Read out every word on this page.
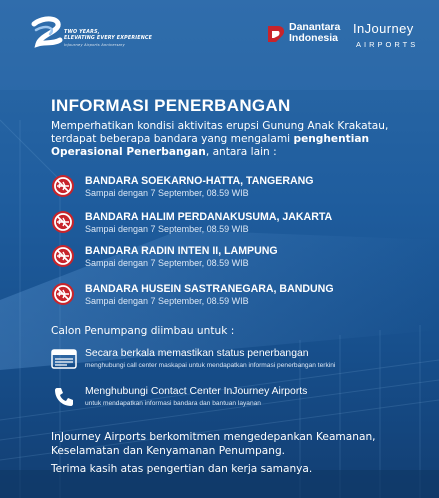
TWO YEARS,
ELEVATING EVERY EXPERIENCE
InJourney Airports Anniversary
Danantara
Indonesia
InJourney
AIRPORTS
INFORMASI PENERBANGAN
Memperhatikan kondisi aktivitas erupsi Gunung Anak Krakatau, terdapat beberapa bandara yang mengalami penghentian Operasional Penerbangan, antara lain :
BANDARA SOEKARNO-HATTA, TANGERANG
Sampai dengan 7 September, 08.59 WIB
BANDARA HALIM PERDANAKUSUMA, JAKARTA
Sampai dengan 7 September, 08.59 WIB
BANDARA RADIN INTEN II, LAMPUNG
Sampai dengan 7 September, 08.59 WIB
BANDARA HUSEIN SASTRANEGARA, BANDUNG
Sampai dengan 7 September, 08.59 WIB
Calon Penumpang diimbau untuk :
Secara berkala memastikan status penerbangan
menghubungi call center maskapai untuk mendapatkan informasi penerbangan terkini
Menghubungi Contact Center InJourney Airports
untuk mendapatkan informasi bandara dan bantuan layanan
InJourney Airports berkomitmen mengedepankan Keamanan, Keselamatan dan Kenyamanan Penumpang.
Terima kasih atas pengertian dan kerja samanya.
